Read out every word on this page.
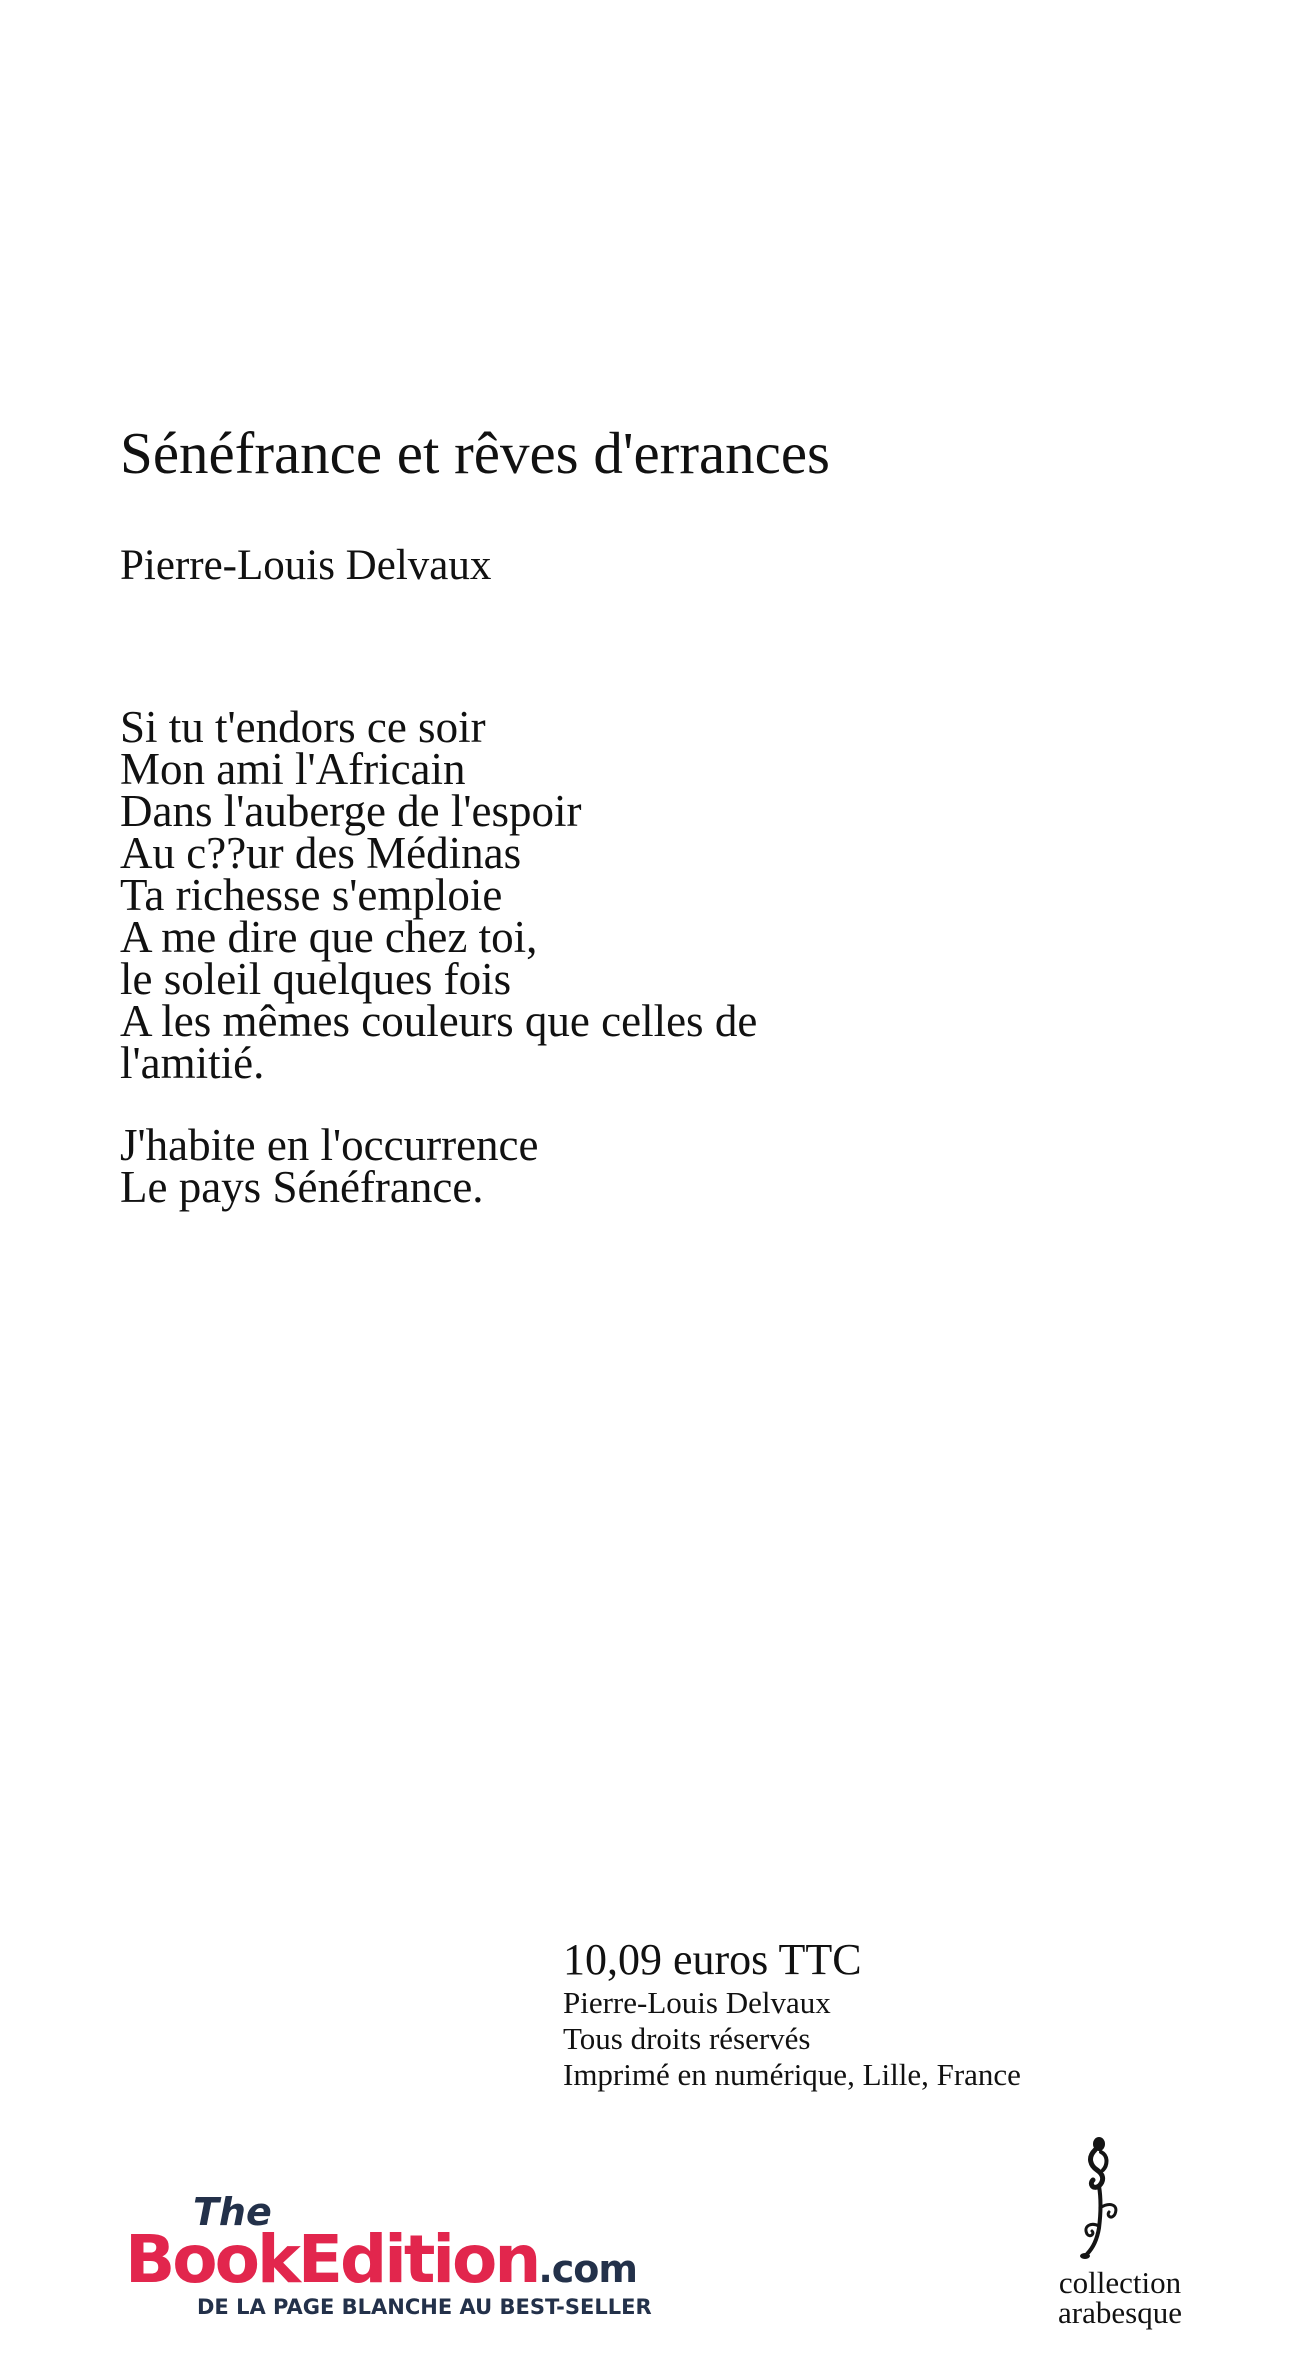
Sénéfrance et rêves d'errances
Pierre-Louis Delvaux

Si tu t'endors ce soir
Mon ami l'Africain
Dans l'auberge de l'espoir
Au c??ur des Médinas
Ta richesse s'emploie
A me dire que chez toi,
le soleil quelques fois
A les mêmes couleurs que celles de
l'amitié.

J'habite en l'occurrence
Le pays Sénéfrance.

10,09 euros TTC
Pierre-Louis Delvaux
Tous droits réservés
Imprimé en numérique, Lille, France
The
BookEdition.com
DE LA PAGE BLANCHE AU BEST-SELLER
collection
arabesque
